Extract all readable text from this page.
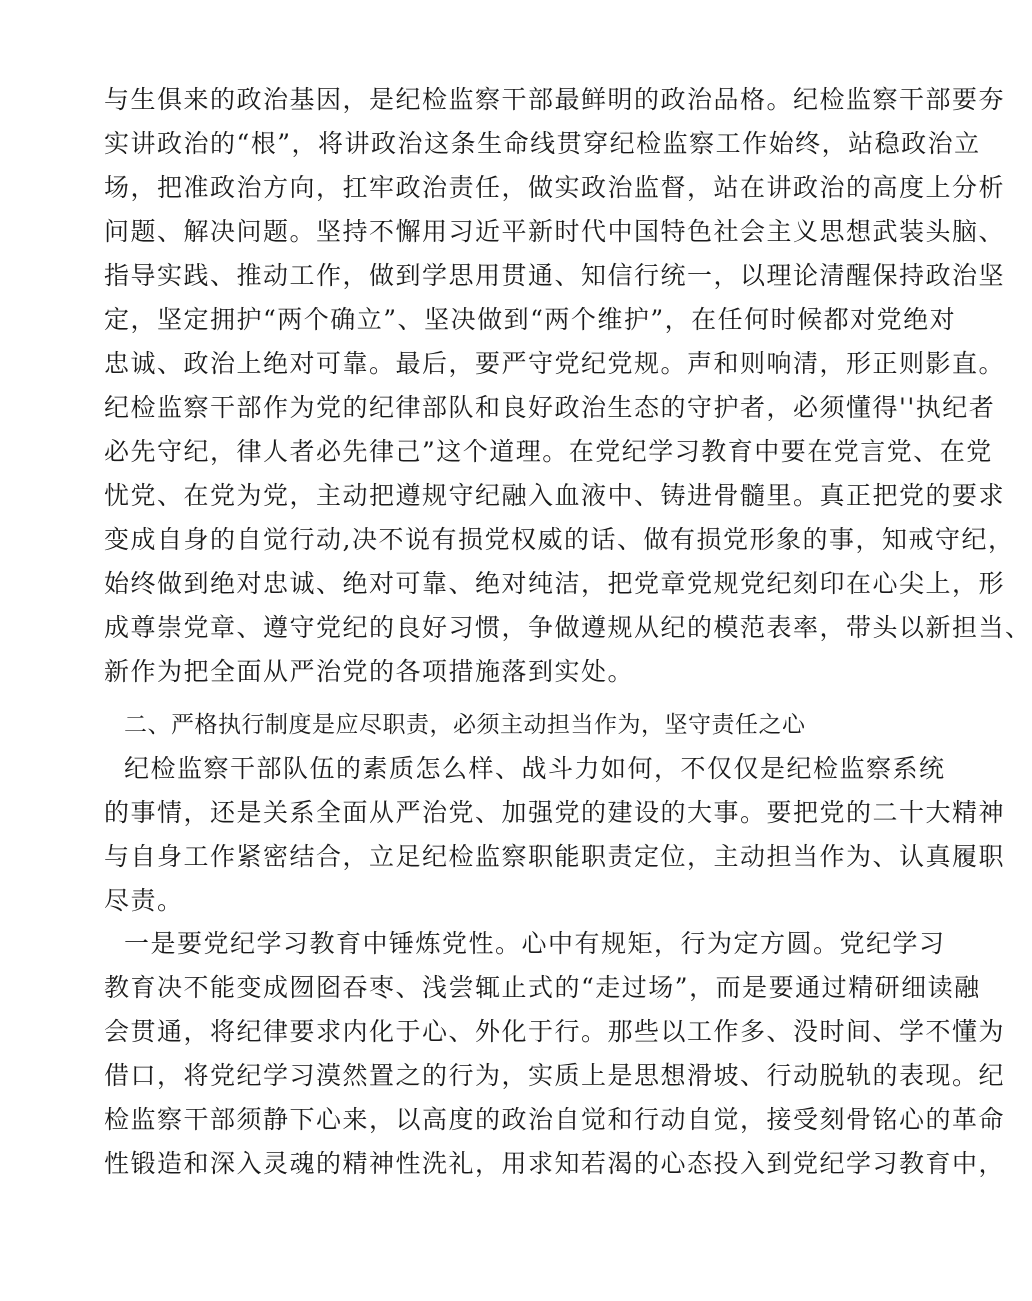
与生俱来的政治基因，是纪检监察干部最鲜明的政治品格。纪检监察干部要夯
实讲政治的“根”，将讲政治这条生命线贯穿纪检监察工作始终，站稳政治立
场，把准政治方向，扛牢政治责任，做实政治监督，站在讲政治的高度上分析
问题、解决问题。坚持不懈用习近平新时代中国特色社会主义思想武装头脑、
指导实践、推动工作，做到学思用贯通、知信行统一，以理论清醒保持政治坚
定，坚定拥护“两个确立”、坚决做到“两个维护”，在任何时候都对党绝对
忠诚、政治上绝对可靠。最后，要严守党纪党规。声和则响清，形正则影直。
纪检监察干部作为党的纪律部队和良好政治生态的守护者，必须懂得''执纪者
必先守纪，律人者必先律己”这个道理。在党纪学习教育中要在党言党、在党
忧党、在党为党，主动把遵规守纪融入血液中、铸进骨髓里。真正把党的要求
变成自身的自觉行动,决不说有损党权威的话、做有损党形象的事，知戒守纪，
始终做到绝对忠诚、绝对可靠、绝对纯洁，把党章党规党纪刻印在心尖上，形
成尊崇党章、遵守党纪的良好习惯，争做遵规从纪的模范表率，带头以新担当、
新作为把全面从严治党的各项措施落到实处。
二、严格执行制度是应尽职责，必须主动担当作为，坚守责任之心
纪检监察干部队伍的素质怎么样、战斗力如何，不仅仅是纪检监察系统
的事情，还是关系全面从严治党、加强党的建设的大事。要把党的二十大精神
与自身工作紧密结合，立足纪检监察职能职责定位，主动担当作为、认真履职
尽责。
一是要党纪学习教育中锤炼党性。心中有规矩，行为定方圆。党纪学习
教育决不能变成囫囵吞枣、浅尝辄止式的“走过场”，而是要通过精研细读融
会贯通，将纪律要求内化于心、外化于行。那些以工作多、没时间、学不懂为
借口，将党纪学习漠然置之的行为，实质上是思想滑坡、行动脱轨的表现。纪
检监察干部须静下心来，以高度的政治自觉和行动自觉，接受刻骨铭心的革命
性锻造和深入灵魂的精神性洗礼，用求知若渴的心态投入到党纪学习教育中，
